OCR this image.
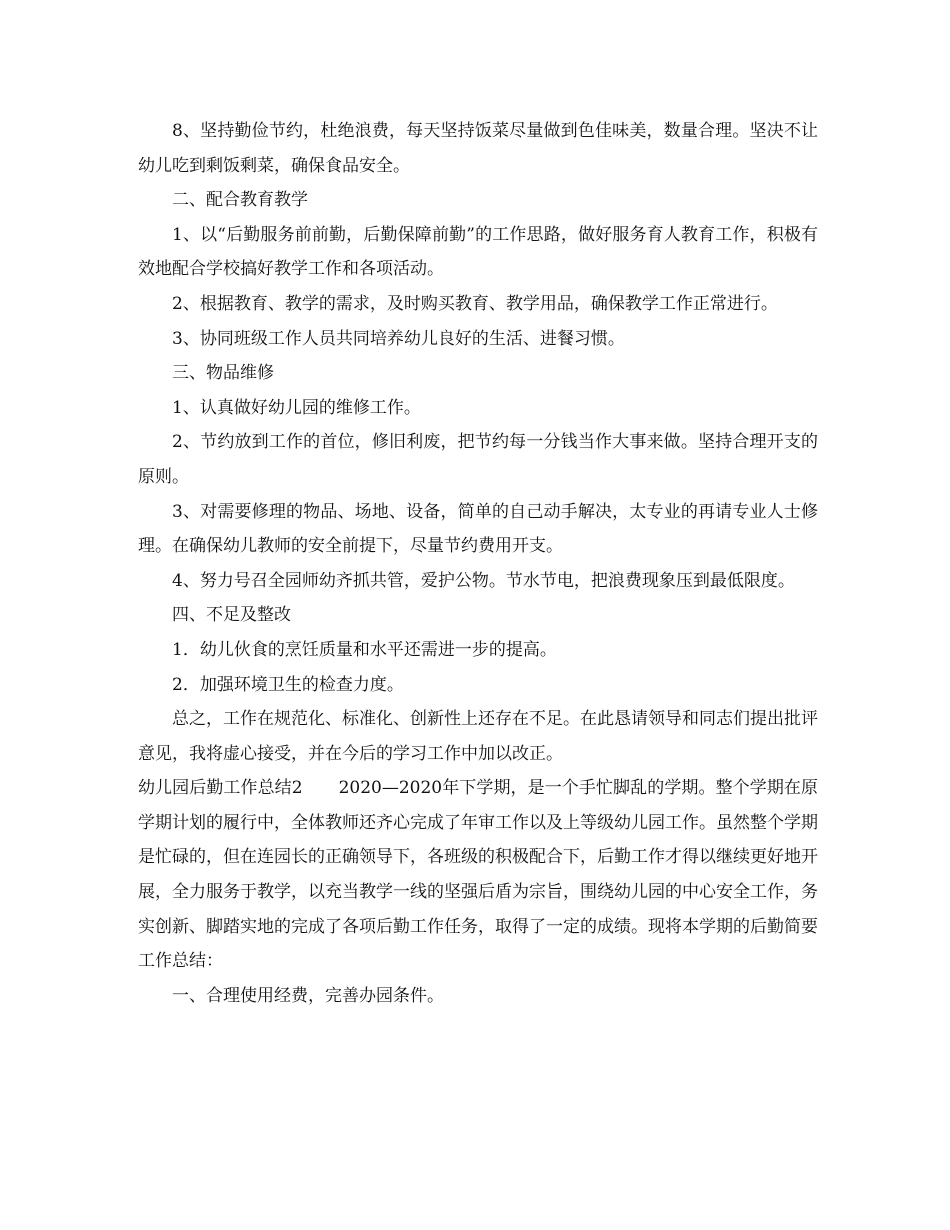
8、坚持勤俭节约，杜绝浪费，每天坚持饭菜尽量做到色佳味美，数量合理。坚决不让幼儿吃到剩饭剩菜，确保食品安全。

二、配合教育教学

1、以“后勤服务前前勤，后勤保障前勤”的工作思路，做好服务育人教育工作，积极有效地配合学校搞好教学工作和各项活动。

2、根据教育、教学的需求，及时购买教育、教学用品，确保教学工作正常进行。

3、协同班级工作人员共同培养幼儿良好的生活、进餐习惯。

三、物品维修

1、认真做好幼儿园的维修工作。

2、节约放到工作的首位，修旧利废，把节约每一分钱当作大事来做。坚持合理开支的原则。

3、对需要修理的物品、场地、设备，简单的自己动手解决，太专业的再请专业人士修理。在确保幼儿教师的安全前提下，尽量节约费用开支。

4、努力号召全园师幼齐抓共管，爱护公物。节水节电，把浪费现象压到最低限度。

四、不足及整改

1．幼儿伙食的烹饪质量和水平还需进一步的提高。

2．加强环境卫生的检查力度。

总之，工作在规范化、标准化、创新性上还存在不足。在此恳请领导和同志们提出批评意见，我将虚心接受，并在今后的学习工作中加以改正。

幼儿园后勤工作总结2 2020—2020年下学期，是一个手忙脚乱的学期。整个学期在原学期计划的履行中，全体教师还齐心完成了年审工作以及上等级幼儿园工作。虽然整个学期是忙碌的，但在连园长的正确领导下，各班级的积极配合下，后勤工作才得以继续更好地开展，全力服务于教学，以充当教学一线的坚强后盾为宗旨，围绕幼儿园的中心安全工作，务实创新、脚踏实地的完成了各项后勤工作任务，取得了一定的成绩。现将本学期的后勤简要工作总结：

一、合理使用经费，完善办园条件。
